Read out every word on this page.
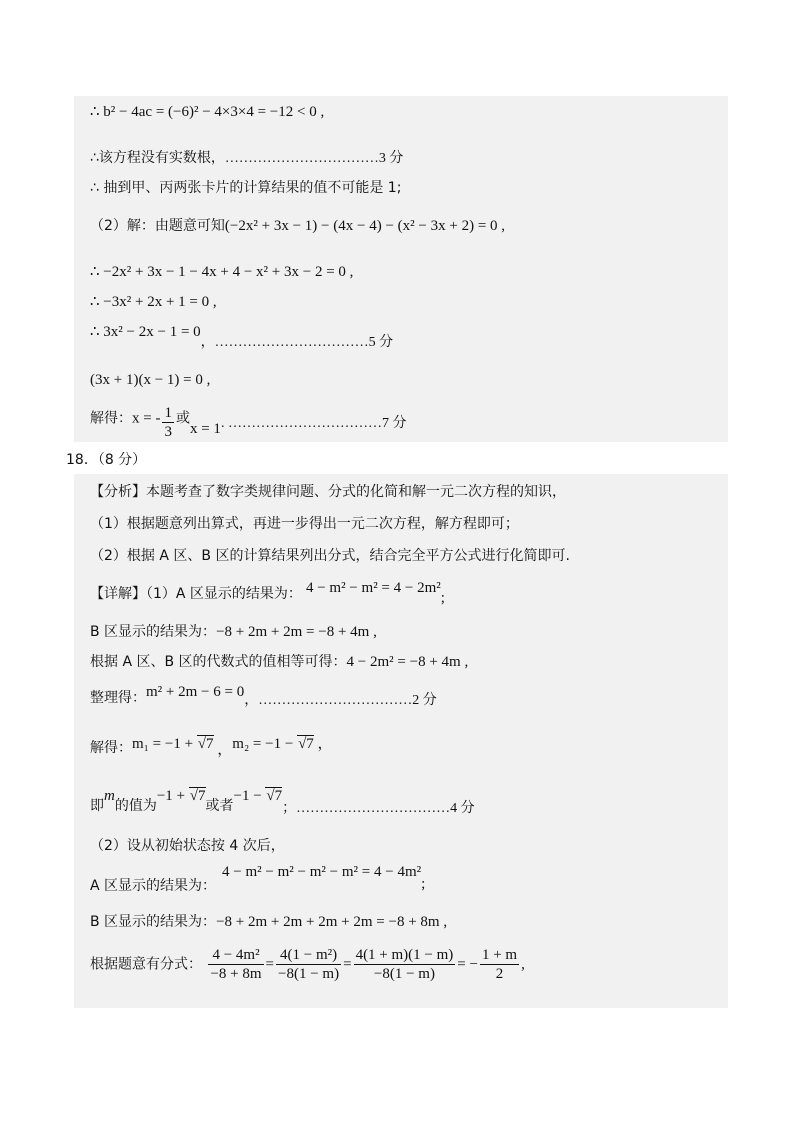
∴ b² − 4ac = (−6)² − 4×3×4 = −12 < 0 ,
∴该方程没有实数根，……………………………3 分
∴ 抽到甲、丙两张卡片的计算结果的值不可能是 1;
（2）解：由题意可知(−2x² + 3x − 1) − (4x − 4) − (x² − 3x + 2) = 0 ,
∴ −2x² + 3x − 1 − 4x + 4 − x² + 3x − 2 = 0 ,
∴ −3x² + 2x + 1 = 0 ,
∴ 3x² − 2x − 1 = 0，……………………………5 分
(3x + 1)(x − 1) = 0 ,
解得：x = - $\frac{1}{3}$ 或x = 1. ……………………………7 分
18．（8 分）
【分析】本题考查了数字类规律问题、分式的化简和解一元二次方程的知识，
（1）根据题意列出算式，再进一步得出一元二次方程，解方程即可；
（2）根据 A 区、B 区的计算结果列出分式，结合完全平方公式进行化简即可.
【详解】（1）A 区显示的结果为： 4 − m² − m² = 4 − 2m²;
B 区显示的结果为：−8 + 2m + 2m = −8 + 4m ,
根据 A 区、B 区的代数式的值相等可得：4 − 2m² = −8 + 4m ,
整理得：m² + 2m − 6 = 0，……………………………2 分
解得：m₁ = −1 + √7 ，m₂ = −1 − √7 ，
即m的值为−1 + √7或者−1 − √7；……………………………4 分
（2）设从初始状态按 4 次后，
A 区显示的结果为：4 − m² − m² − m² − m² = 4 − 4m²;
B 区显示的结果为：−8 + 2m + 2m + 2m + 2m = −8 + 8m ,
根据题意有分式： $\frac{\text{4 − 4m²}}{-8 + 8m} = \frac{\text{4(1 − m²)}}{-8(1 - m)} = \frac{4(1 + m)(1 - m)}{-8(1 - m)}$ = − $\frac{1 + m}{2}$ ,
